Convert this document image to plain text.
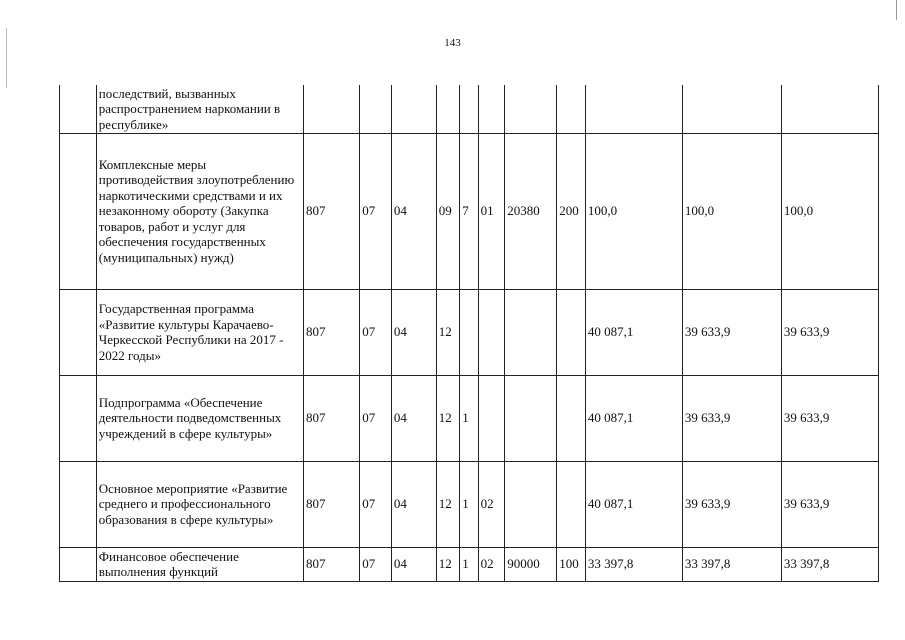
143
	последствий, вызванных распространением наркомании в республике»											
	Комплексные меры противодействия злоупотреблению наркотическими средствами и их незаконному обороту (Закупка товаров, работ и услуг для обеспечения государственных (муниципальных) нужд)	807	07	04	09	7	01	20380	200	100,0	100,0	100,0
	Государственная программа «Развитие культуры Карачаево-Черкесской Республики на 2017 - 2022 годы»	807	07	04	12					40 087,1	39 633,9	39 633,9
	Подпрограмма «Обеспечение деятельности подведомственных учреждений в сфере культуры»	807	07	04	12	1				40 087,1	39 633,9	39 633,9
	Основное мероприятие «Развитие среднего и профессионального образования в сфере культуры»	807	07	04	12	1	02			40 087,1	39 633,9	39 633,9
	Финансовое обеспечение выполнения функций	807	07	04	12	1	02	90000	100	33 397,8	33 397,8	33 397,8
